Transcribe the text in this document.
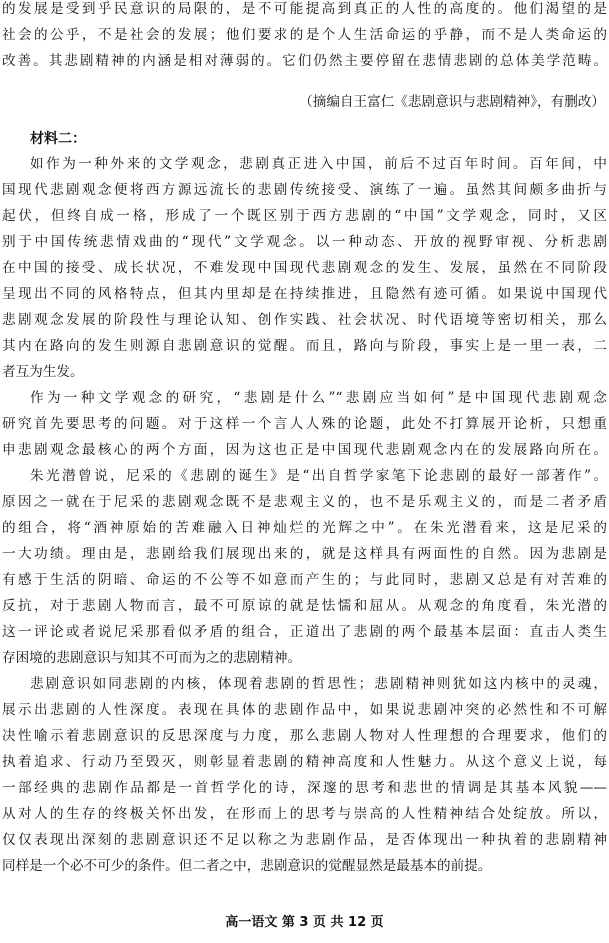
的发展是受到乎民意识的局限的，是不可能提高到真正的人性的高度的。他们渴望的是
社会的公乎，不是社会的发展；他们要求的是个人生活命运的乎静，而不是人类命运的
改善。其悲剧精神的内涵是相对薄弱的。它们仍然主要停留在悲情悲剧的总体美学范畴。
（摘编自王富仁《悲剧意识与悲剧精神》，有删改）
材料二：
如作为一种外来的文学观念，悲剧真正进入中国，前后不过百年时间。百年间，中
国现代悲剧观念便将西方源远流长的悲剧传统接受、演练了一遍。虽然其间颇多曲折与
起伏，但终自成一格，形成了一个既区别于西方悲剧的“中国”文学观念，同时，又区
别于中国传统悲情戏曲的“现代”文学观念。以一种动态、开放的视野审视、分析悲剧
在中国的接受、成长状况，不难发现中国现代悲剧观念的发生、发展，虽然在不同阶段
呈现出不同的风格特点，但其内里却是在持续推进，且隐然有迹可循。如果说中国现代
悲剧观念发展的阶段性与理论认知、创作实践、社会状况、时代语境等密切相关，那么
其内在路向的发生则源自悲剧意识的觉醒。而且，路向与阶段，事实上是一里一表，二
者互为生发。
作为一种文学观念的研究，“悲剧是什么”“悲剧应当如何”是中国现代悲剧观念
研究首先要思考的问题。对于这样一个言人人殊的论题，此处不打算展开论析，只想重
申悲剧观念最核心的两个方面，因为这也正是中国现代悲剧观念内在的发展路向所在。
朱光潜曾说，尼采的《悲剧的诞生》是“出自哲学家笔下论悲剧的最好一部著作”。
原因之一就在于尼采的悲剧观念既不是悲观主义的，也不是乐观主义的，而是二者矛盾
的组合，将“酒神原始的苦难融入日神灿烂的光辉之中”。在朱光潜看来，这是尼采的
一大功绩。理由是，悲剧给我们展现出来的，就是这样具有两面性的自然。因为悲剧是
有感于生活的阴暗、命运的不公等不如意而产生的；与此同时，悲剧又总是有对苦难的
反抗，对于悲剧人物而言，最不可原谅的就是怯懦和屈从。从观念的角度看，朱光潜的
这一评论或者说尼采那看似矛盾的组合，正道出了悲剧的两个最基本层面：直击人类生
存困境的悲剧意识与知其不可而为之的悲剧精神。
悲剧意识如同悲剧的内核，体现着悲剧的哲思性；悲剧精神则犹如这内核中的灵魂，
展示出悲剧的人性深度。表现在具体的悲剧作品中，如果说悲剧冲突的必然性和不可解
决性喻示着悲剧意识的反思深度与力度，那么悲剧人物对人性理想的合理要求，他们的
执着追求、行动乃至毁灭，则彰显着悲剧的精神高度和人性魅力。从这个意义上说，每
一部经典的悲剧作品都是一首哲学化的诗，深邃的思考和悲世的情调是其基本风貌——
从对人的生存的终极关怀出发，在形而上的思考与崇高的人性精神结合处绽放。所以，
仅仅表现出深刻的悲剧意识还不足以称之为悲剧作品，是否体现出一种执着的悲剧精神
同样是一个必不可少的条件。但二者之中，悲剧意识的觉醒显然是最基本的前提。
高一语文 第 3 页 共 12 页
